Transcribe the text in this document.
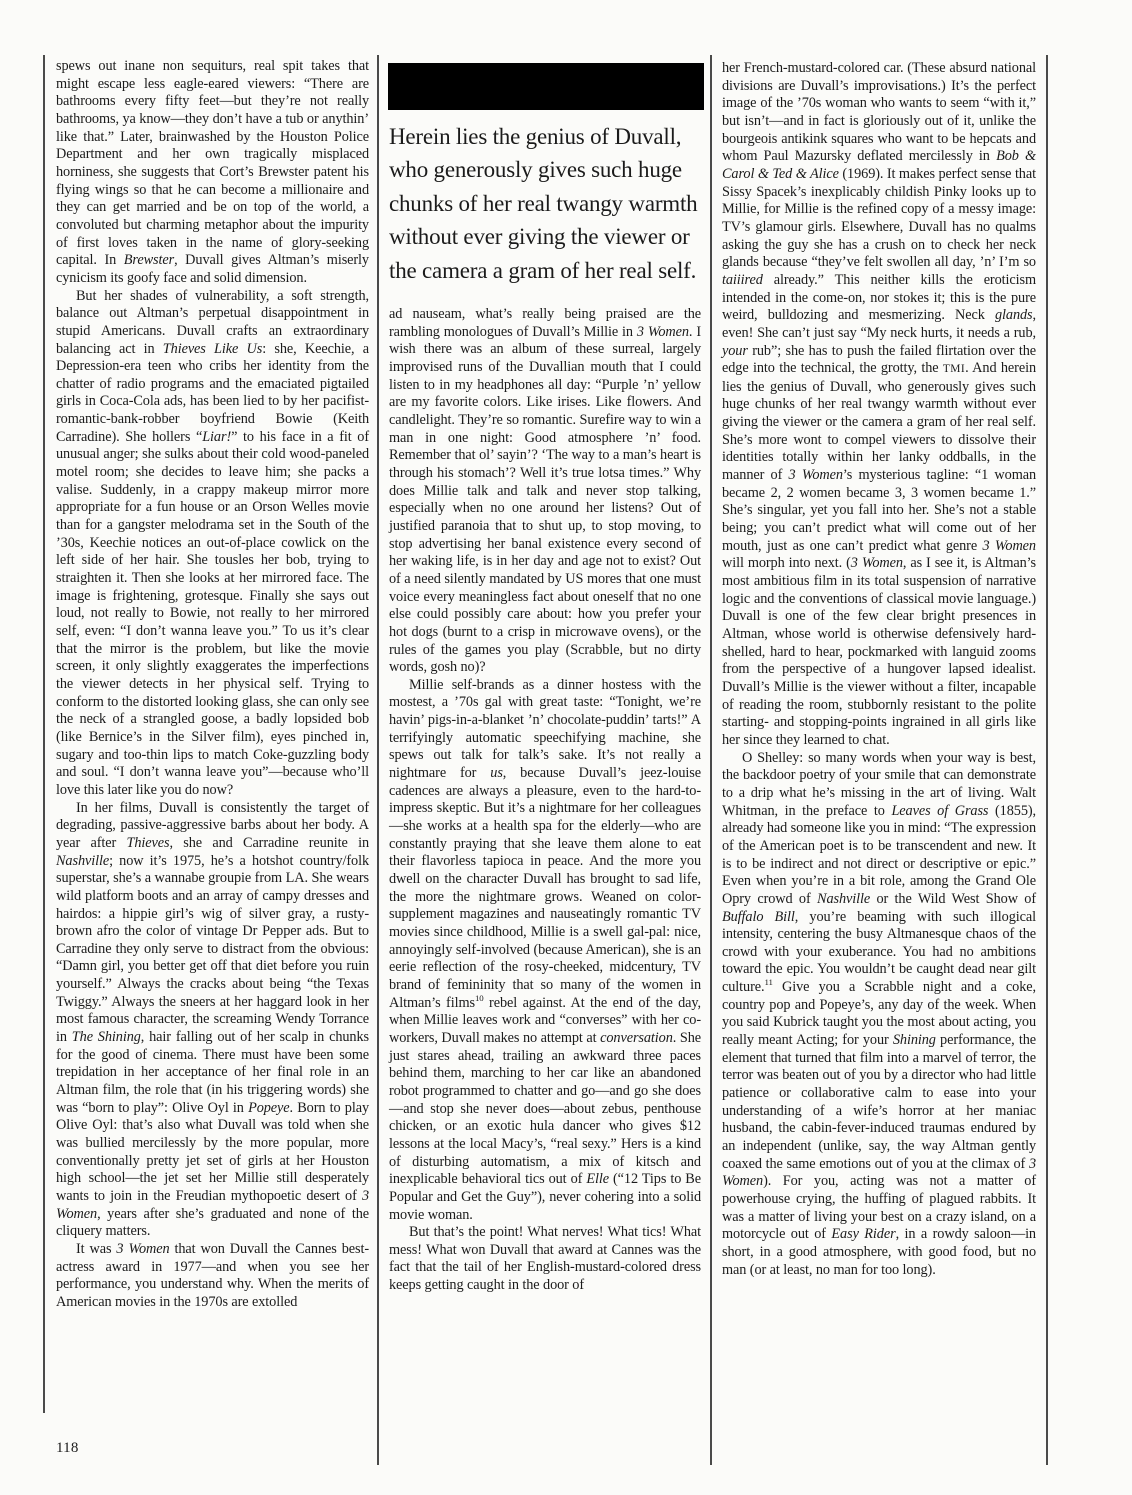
spews out inane non sequiturs, real spit takes that might escape less eagle-eared viewers: “There are bathrooms every fifty feet—but they’re not really bathrooms, ya know—they don’t have a tub or anythin’ like that.” Later, brainwashed by the Houston Police Department and her own tragically misplaced horniness, she suggests that Cort’s Brewster patent his flying wings so that he can become a millionaire and they can get married and be on top of the world, a convoluted but charming metaphor about the impurity of first loves taken in the name of glory-seeking capital. In Brewster, Duvall gives Altman’s miserly cynicism its goofy face and solid dimension.

But her shades of vulnerability, a soft strength, balance out Altman’s perpetual disappointment in stupid Americans. Duvall crafts an extraordinary balancing act in Thieves Like Us: she, Keechie, a Depression-era teen who cribs her identity from the chatter of radio programs and the emaciated pigtailed girls in Coca-Cola ads, has been lied to by her pacifist-romantic-bank-robber boyfriend Bowie (Keith Carradine). She hollers “Liar!” to his face in a fit of unusual anger; she sulks about their cold wood-paneled motel room; she decides to leave him; she packs a valise. Suddenly, in a crappy makeup mirror more appropriate for a fun house or an Orson Welles movie than for a gangster melodrama set in the South of the ’30s, Keechie notices an out-of-place cowlick on the left side of her hair. She tousles her bob, trying to straighten it. Then she looks at her mirrored face. The image is frightening, grotesque. Finally she says out loud, not really to Bowie, not really to her mirrored self, even: “I don’t wanna leave you.” To us it’s clear that the mirror is the problem, but like the movie screen, it only slightly exaggerates the imperfections the viewer detects in her physical self. Trying to conform to the distorted looking glass, she can only see the neck of a strangled goose, a badly lopsided bob (like Bernice’s in the Silver film), eyes pinched in, sugary and too-thin lips to match Coke-guzzling body and soul. “I don’t wanna leave you”—because who’ll love this later like you do now?

In her films, Duvall is consistently the target of degrading, passive-aggressive barbs about her body. A year after Thieves, she and Carradine reunite in Nashville; now it’s 1975, he’s a hotshot country/folk superstar, she’s a wannabe groupie from LA. She wears wild platform boots and an array of campy dresses and hairdos: a hippie girl’s wig of silver gray, a rusty-brown afro the color of vintage Dr Pepper ads. But to Carradine they only serve to distract from the obvious: “Damn girl, you better get off that diet before you ruin yourself.” Always the cracks about being “the Texas Twiggy.” Always the sneers at her haggard look in her most famous character, the screaming Wendy Torrance in The Shining, hair falling out of her scalp in chunks for the good of cinema. There must have been some trepidation in her acceptance of her final role in an Altman film, the role that (in his triggering words) she was “born to play”: Olive Oyl in Popeye. Born to play Olive Oyl: that’s also what Duvall was told when she was bullied mercilessly by the more popular, more conventionally pretty jet set of girls at her Houston high school—the jet set her Millie still desperately wants to join in the Freudian mythopoetic desert of 3 Women, years after she’s graduated and none of the cliquery matters.

It was 3 Women that won Duvall the Cannes best-actress award in 1977—and when you see her performance, you understand why. When the merits of American movies in the 1970s are extolled

Herein lies the genius of Duvall, who generously gives such huge chunks of her real twangy warmth without ever giving the viewer or the camera a gram of her real self.

ad nauseam, what’s really being praised are the rambling monologues of Duvall’s Millie in 3 Women. I wish there was an album of these surreal, largely improvised runs of the Duvallian mouth that I could listen to in my headphones all day: “Purple ’n’ yellow are my favorite colors. Like irises. Like flowers. And candlelight. They’re so romantic. Surefire way to win a man in one night: Good atmosphere ’n’ food. Remember that ol’ sayin’? ‘The way to a man’s heart is through his stomach’? Well it’s true lotsa times.” Why does Millie talk and talk and never stop talking, especially when no one around her listens? Out of justified paranoia that to shut up, to stop moving, to stop advertising her banal existence every second of her waking life, is in her day and age not to exist? Out of a need silently mandated by US mores that one must voice every meaningless fact about oneself that no one else could possibly care about: how you prefer your hot dogs (burnt to a crisp in microwave ovens), or the rules of the games you play (Scrabble, but no dirty words, gosh no)?

Millie self-brands as a dinner hostess with the mostest, a ’70s gal with great taste: “Tonight, we’re havin’ pigs-in-a-blanket ’n’ chocolate-puddin’ tarts!” A terrifyingly automatic speechifying machine, she spews out talk for talk’s sake. It’s not really a nightmare for us, because Duvall’s jeez-louise cadences are always a pleasure, even to the hard-to-impress skeptic. But it’s a nightmare for her colleagues—she works at a health spa for the elderly—who are constantly praying that she leave them alone to eat their flavorless tapioca in peace. And the more you dwell on the character Duvall has brought to sad life, the more the nightmare grows. Weaned on color-supplement magazines and nauseatingly romantic TV movies since childhood, Millie is a swell gal-pal: nice, annoyingly self-involved (because American), she is an eerie reflection of the rosy-cheeked, midcentury, TV brand of femininity that so many of the women in Altman’s films$^{10}$ rebel against. At the end of the day, when Millie leaves work and “converses” with her co-workers, Duvall makes no attempt at conversation. She just stares ahead, trailing an awkward three paces behind them, marching to her car like an abandoned robot programmed to chatter and go—and go she does—and stop she never does—about zebus, penthouse chicken, or an exotic hula dancer who gives $12 lessons at the local Macy’s, “real sexy.” Hers is a kind of disturbing automatism, a mix of kitsch and inexplicable behavioral tics out of Elle (“12 Tips to Be Popular and Get the Guy”), never cohering into a solid movie woman.

But that’s the point! What nerves! What tics! What mess! What won Duvall that award at Cannes was the fact that the tail of her English-mustard-colored dress keeps getting caught in the door of

her French-mustard-colored car. (These absurd national divisions are Duvall’s improvisations.) It’s the perfect image of the ’70s woman who wants to seem “with it,” but isn’t—and in fact is gloriously out of it, unlike the bourgeois antikink squares who want to be hepcats and whom Paul Mazursky deflated mercilessly in Bob & Carol & Ted & Alice (1969). It makes perfect sense that Sissy Spacek’s inexplicably childish Pinky looks up to Millie, for Millie is the refined copy of a messy image: TV’s glamour girls. Elsewhere, Duvall has no qualms asking the guy she has a crush on to check her neck glands because “they’ve felt swollen all day, ’n’ I’m so taiiired already.” This neither kills the eroticism intended in the come-on, nor stokes it; this is the pure weird, bulldozing and mesmerizing. Neck glands, even! She can’t just say “My neck hurts, it needs a rub, your rub”; she has to push the failed flirtation over the edge into the technical, the grotty, the TMI. And herein lies the genius of Duvall, who generously gives such huge chunks of her real twangy warmth without ever giving the viewer or the camera a gram of her real self. She’s more wont to compel viewers to dissolve their identities totally within her lanky oddballs, in the manner of 3 Women’s mysterious tagline: “1 woman became 2, 2 women became 3, 3 women became 1.” She’s singular, yet you fall into her. She’s not a stable being; you can’t predict what will come out of her mouth, just as one can’t predict what genre 3 Women will morph into next. (3 Women, as I see it, is Altman’s most ambitious film in its total suspension of narrative logic and the conventions of classical movie language.) Duvall is one of the few clear bright presences in Altman, whose world is otherwise defensively hard-shelled, hard to hear, pockmarked with languid zooms from the perspective of a hungover lapsed idealist. Duvall’s Millie is the viewer without a filter, incapable of reading the room, stubbornly resistant to the polite starting- and stopping-points ingrained in all girls like her since they learned to chat.

O Shelley: so many words when your way is best, the backdoor poetry of your smile that can demonstrate to a drip what he’s missing in the art of living. Walt Whitman, in the preface to Leaves of Grass (1855), already had someone like you in mind: “The expression of the American poet is to be transcendent and new. It is to be indirect and not direct or descriptive or epic.” Even when you’re in a bit role, among the Grand Ole Opry crowd of Nashville or the Wild West Show of Buffalo Bill, you’re beaming with such illogical intensity, centering the busy Altmanesque chaos of the crowd with your exuberance. You had no ambitions toward the epic. You wouldn’t be caught dead near gilt culture.$^{11}$ Give you a Scrabble night and a coke, country pop and Popeye’s, any day of the week. When you said Kubrick taught you the most about acting, you really meant Acting; for your Shining performance, the element that turned that film into a marvel of terror, the terror was beaten out of you by a director who had little patience or collaborative calm to ease into your understanding of a wife’s horror at her maniac husband, the cabin-fever-induced traumas endured by an independent (unlike, say, the way Altman gently coaxed the same emotions out of you at the climax of 3 Women). For you, acting was not a matter of powerhouse crying, the huffing of plagued rabbits. It was a matter of living your best on a crazy island, on a motorcycle out of Easy Rider, in a rowdy saloon—in short, in a good atmosphere, with good food, but no man (or at least, no man for too long).

118
